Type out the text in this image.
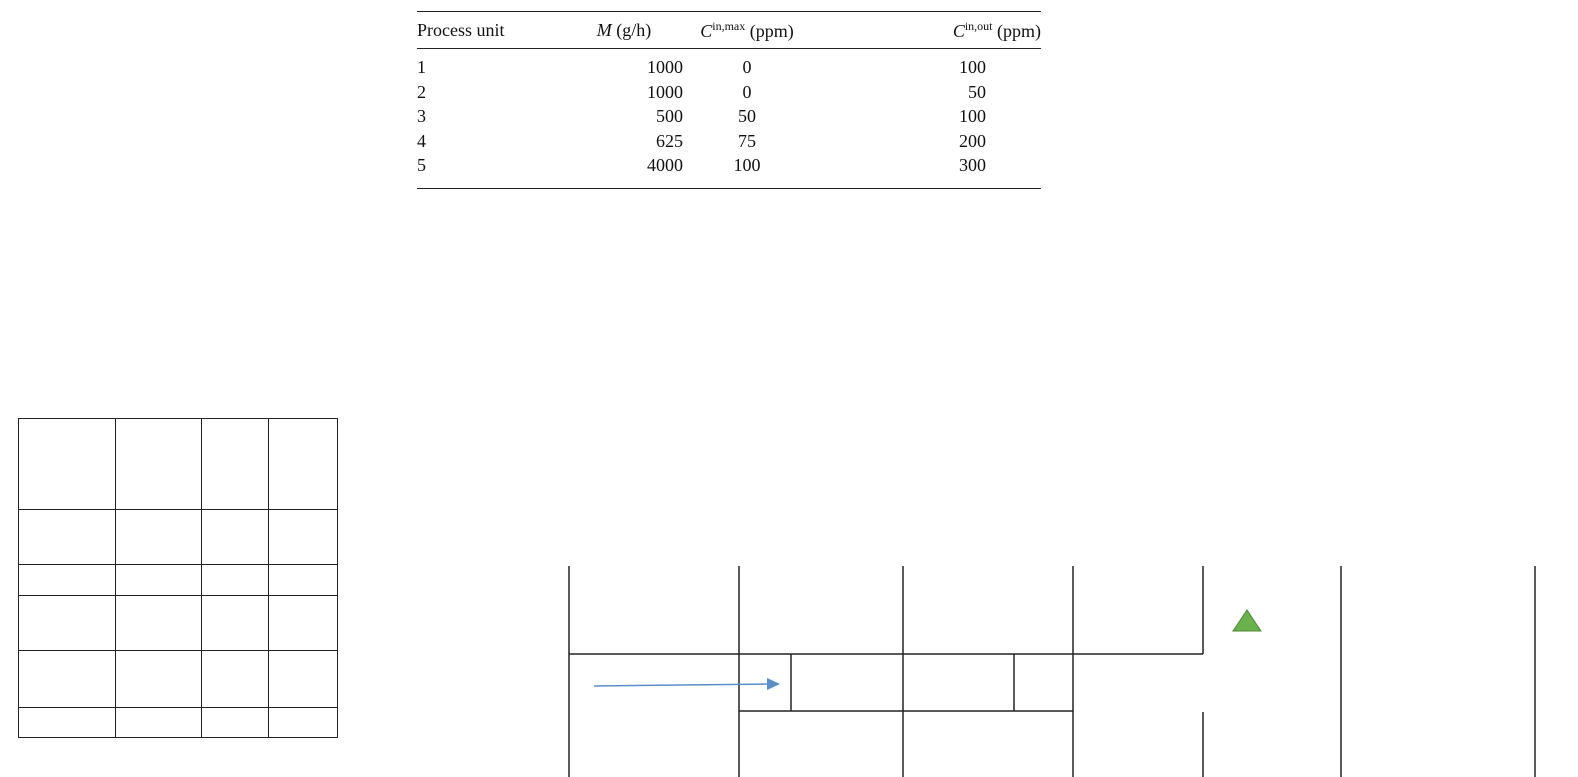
Process unit	M (g/h)	$C^{in,max}$ (ppm)	$C^{in,out}$ (ppm)
1	1000	0	100
2	1000	0	50
3	500	50	100
4	625	75	200
5	4000	100	300
